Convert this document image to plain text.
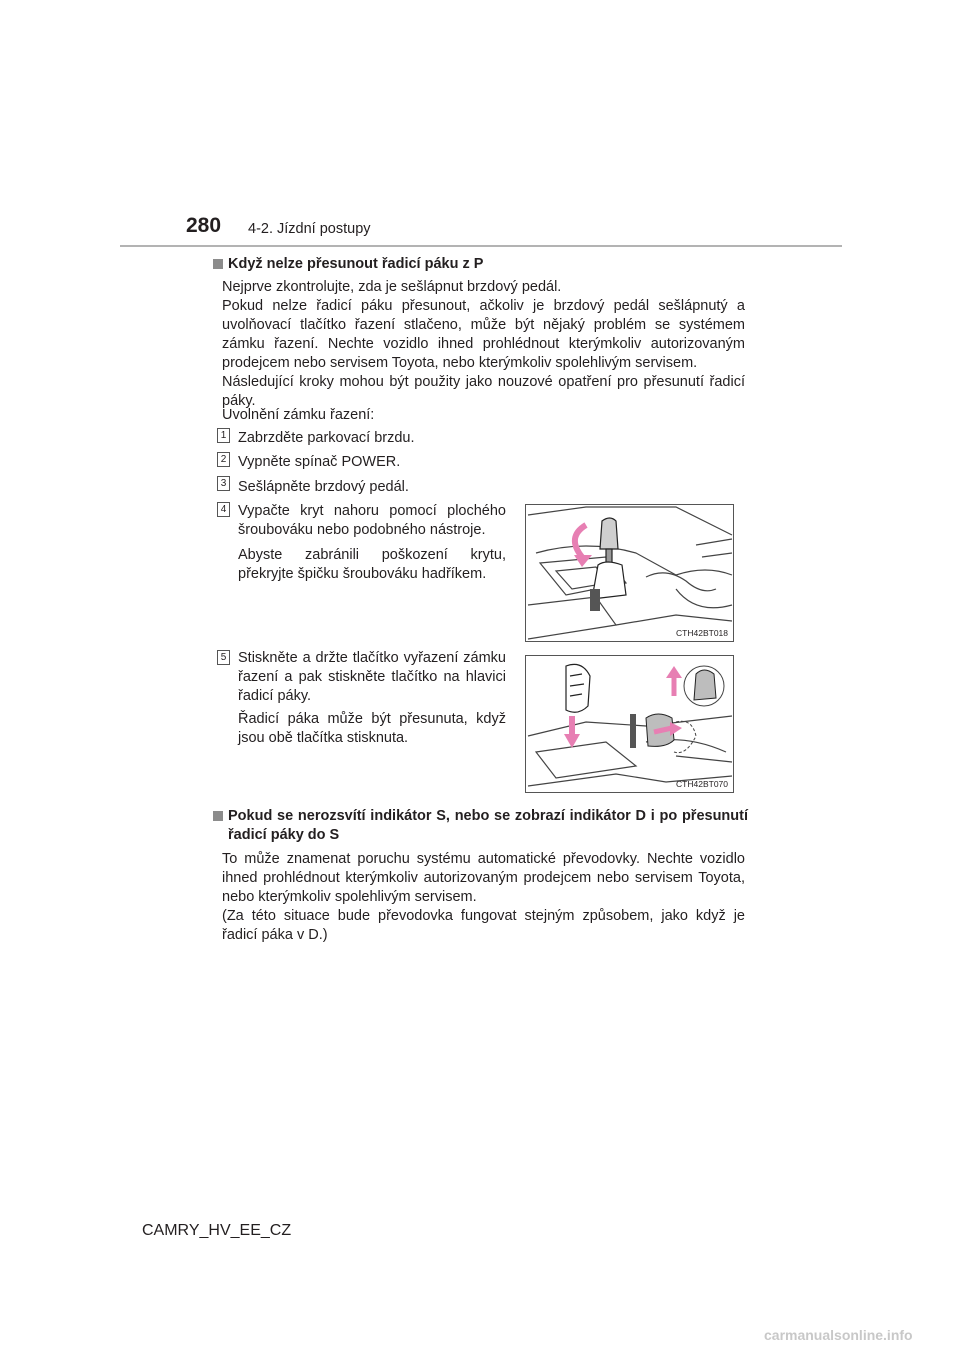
280 4-2. Jízdní postupy
Když nelze přesunout řadicí páku z P
Nejprve zkontrolujte, zda je sešlápnut brzdový pedál.
Pokud nelze řadicí páku přesunout, ačkoliv je brzdový pedál sešlápnutý a uvolňovací tlačítko řazení stlačeno, může být nějaký problém se systémem zámku řazení. Nechte vozidlo ihned prohlédnout kterýmkoliv autorizovaným prodejcem nebo servisem Toyota, nebo kterýmkoliv spolehlivým servisem.
Následující kroky mohou být použity jako nouzové opatření pro přesunutí řadicí páky.
Uvolnění zámku řazení:
1 Zabrzděte parkovací brzdu.
2 Vypněte spínač POWER.
3 Sešlápněte brzdový pedál.
4 Vypačte kryt nahoru pomocí plochého šroubováku nebo podobného nástroje.
Abyste zabránili poškození krytu, překryjte špičku šroubováku hadříkem.
CTH42BT018
5 Stiskněte a držte tlačítko vyřazení zámku řazení a pak stiskněte tlačítko na hlavici řadicí páky.
Řadicí páka může být přesunuta, když jsou obě tlačítka stisknuta.
CTH42BT070
Pokud se nerozsvítí indikátor S, nebo se zobrazí indikátor D i po přesunutí řadicí páky do S
To může znamenat poruchu systému automatické převodovky. Nechte vozidlo ihned prohlédnout kterýmkoliv autorizovaným prodejcem nebo servisem Toyota, nebo kterýmkoliv spolehlivým servisem.
(Za této situace bude převodovka fungovat stejným způsobem, jako když je řadicí páka v D.)
CAMRY_HV_EE_CZ
carmanualsonline.info
